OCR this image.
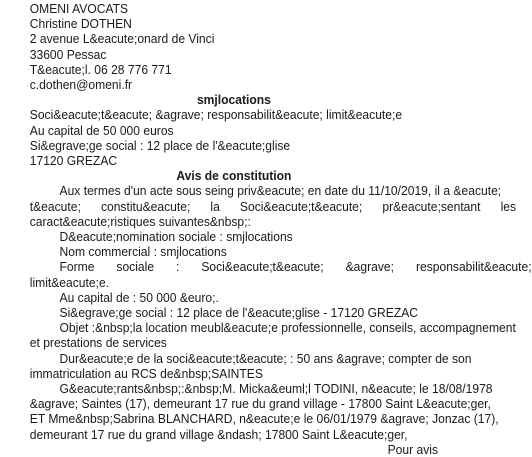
OMENI AVOCATS
Christine DOTHEN
2 avenue L&eacute;onard de Vinci
33600 Pessac
T&eacute;l. 06 28 776 771
c.dothen@omeni.fr
smjlocations
Soci&eacute;t&eacute; &agrave; responsabilit&eacute; limit&eacute;e
Au capital de 50 000 euros
Si&egrave;ge social : 12 place de l'&eacute;glise
17120 GREZAC
Avis de constitution
Aux termes d'un acte sous seing priv&eacute; en date du 11/10/2019, il a &eacute;
t&eacute; constitu&eacute; la Soci&eacute;t&eacute; pr&eacute;sentant les
caract&eacute;ristiques suivantes&nbsp;:
D&eacute;nomination sociale : smjlocations
Nom commercial : smjlocations
Forme sociale : Soci&eacute;t&eacute; &agrave; responsabilit&eacute;
limit&eacute;e.
Au capital de : 50 000 &euro;.
Si&egrave;ge social : 12 place de l'&eacute;glise - 17120 GREZAC
Objet :&nbsp;la location meubl&eacute;e professionnelle, conseils, accompagnement
et prestations de services
Dur&eacute;e de la soci&eacute;t&eacute; : 50 ans &agrave; compter de son
immatriculation au RCS de&nbsp;SAINTES
G&eacute;rants&nbsp;:&nbsp;M. Micka&euml;l TODINI, n&eacute; le 18/08/1978
&agrave; Saintes (17), demeurant 17 rue du grand village - 17800 Saint L&eacute;ger,
ET Mme&nbsp;Sabrina BLANCHARD, n&eacute;e le 06/01/1979 &agrave; Jonzac (17),
demeurant 17 rue du grand village &ndash; 17800 Saint L&eacute;ger,
Pour avis
